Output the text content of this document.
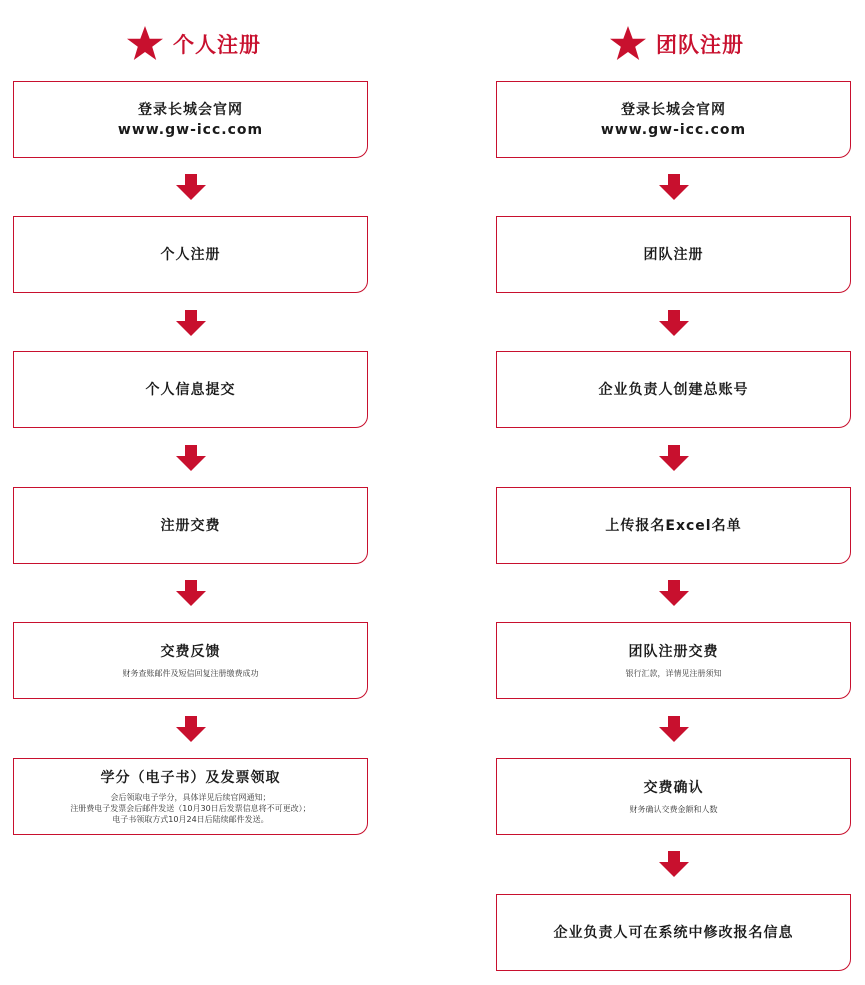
个人注册
登录长城会官网
www.gw-icc.com
个人注册
个人信息提交
注册交费
交费反馈
财务查账邮件及短信回复注册缴费成功
学分（电子书）及发票领取
会后领取电子学分，具体详见后续官网通知；
注册费电子发票会后邮件发送（10月30日后发票信息将不可更改）；
电子书领取方式10月24日后陆续邮件发送。
团队注册
登录长城会官网
www.gw-icc.com
团队注册
企业负责人创建总账号
上传报名Excel名单
团队注册交费
银行汇款，详情见注册须知
交费确认
财务确认交费金额和人数
企业负责人可在系统中修改报名信息
